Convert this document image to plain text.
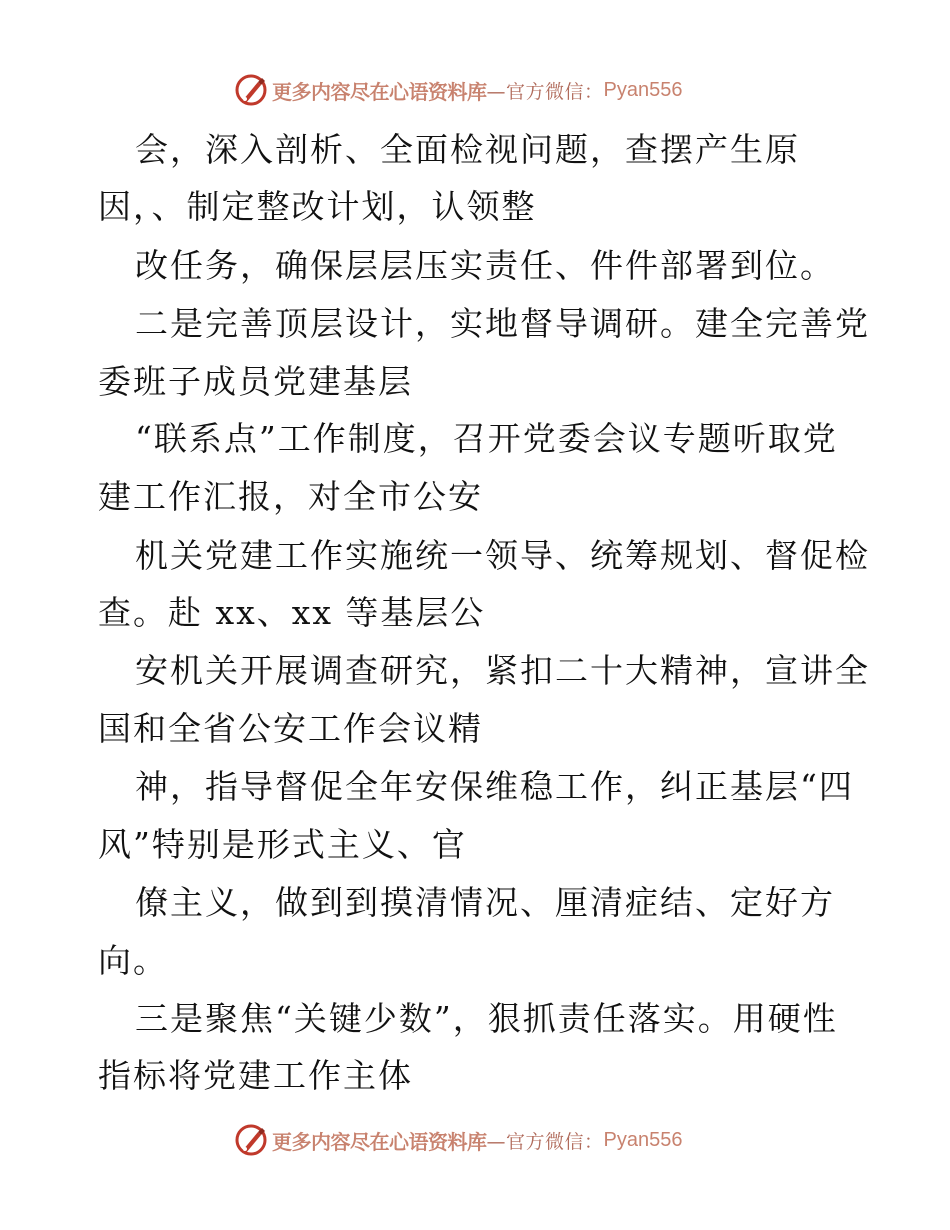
更多内容尽在心语资料库 —官方微信： Pyan556
会，深入剖析、全面检视问题，查摆产生原
因，、制定整改计划，认领整
改任务，确保层层压实责任、件件部署到位。
二是完善顶层设计，实地督导调研。建全完善党
委班子成员党建基层
“联系点”工作制度，召开党委会议专题听取党
建工作汇报，对全市公安
机关党建工作实施统一领导、统筹规划、督促检
查。赴 xx、xx 等基层公
安机关开展调查研究，紧扣二十大精神，宣讲全
国和全省公安工作会议精
神，指导督促全年安保维稳工作，纠正基层“四
风”特别是形式主义、官
僚主义，做到到摸清情况、厘清症结、定好方
向。
三是聚焦“关键少数”，狠抓责任落实。用硬性
指标将党建工作主体
更多内容尽在心语资料库 —官方微信： Pyan556
